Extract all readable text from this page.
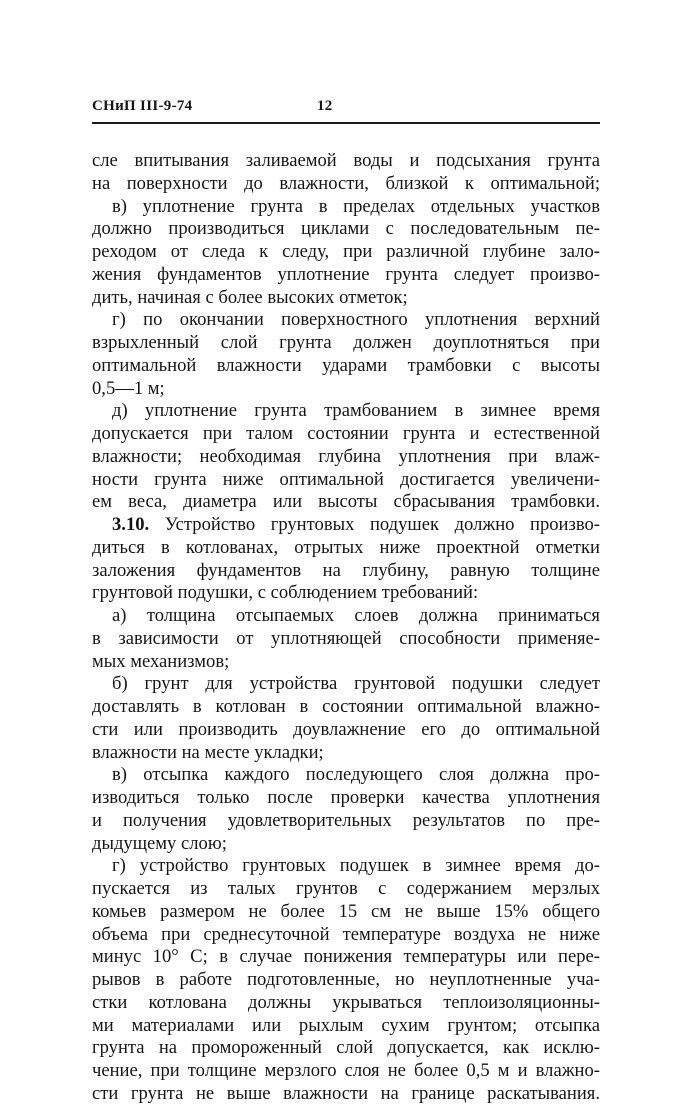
СНиП III-9-74	12
сле впитывания заливаемой воды и подсыхания грунта
на поверхности до влажности, близкой к оптимальной;
в) уплотнение грунта в пределах отдельных участков
должно производиться циклами с последовательным пе-
реходом от следа к следу, при различной глубине зало-
жения фундаментов уплотнение грунта следует произво-
дить, начиная с более высоких отметок;
г) по окончании поверхностного уплотнения верхний
взрыхленный слой грунта должен доуплотняться при
оптимальной влажности ударами трамбовки с высоты
0,5—1 м;
д) уплотнение грунта трамбованием в зимнее время
допускается при талом состоянии грунта и естественной
влажности; необходимая глубина уплотнения при влаж-
ности грунта ниже оптимальной достигается увеличени-
ем веса, диаметра или высоты сбрасывания трамбовки.
3.10. Устройство грунтовых подушек должно произво-
диться в котлованах, отрытых ниже проектной отметки
заложения фундаментов на глубину, равную толщине
грунтовой подушки, с соблюдением требований:
а) толщина отсыпаемых слоев должна приниматься
в зависимости от уплотняющей способности применяе-
мых механизмов;
б) грунт для устройства грунтовой подушки следует
доставлять в котлован в состоянии оптимальной влажно-
сти или производить доувлажнение его до оптимальной
влажности на месте укладки;
в) отсыпка каждого последующего слоя должна про-
изводиться только после проверки качества уплотнения
и получения удовлетворительных результатов по пре-
дыдущему слою;
г) устройство грунтовых подушек в зимнее время до-
пускается из талых грунтов с содержанием мерзлых
комьев размером не более 15 см не выше 15% общего
объема при среднесуточной температуре воздуха не ниже
минус 10° С; в случае понижения температуры или пере-
рывов в работе подготовленные, но неуплотненные уча-
стки котлована должны укрываться теплоизоляционны-
ми материалами или рыхлым сухим грунтом; отсыпка
грунта на промороженный слой допускается, как исклю-
чение, при толщине мерзлого слоя не более 0,5 м и влажно-
сти грунта не выше влажности на границе раскатывания.
